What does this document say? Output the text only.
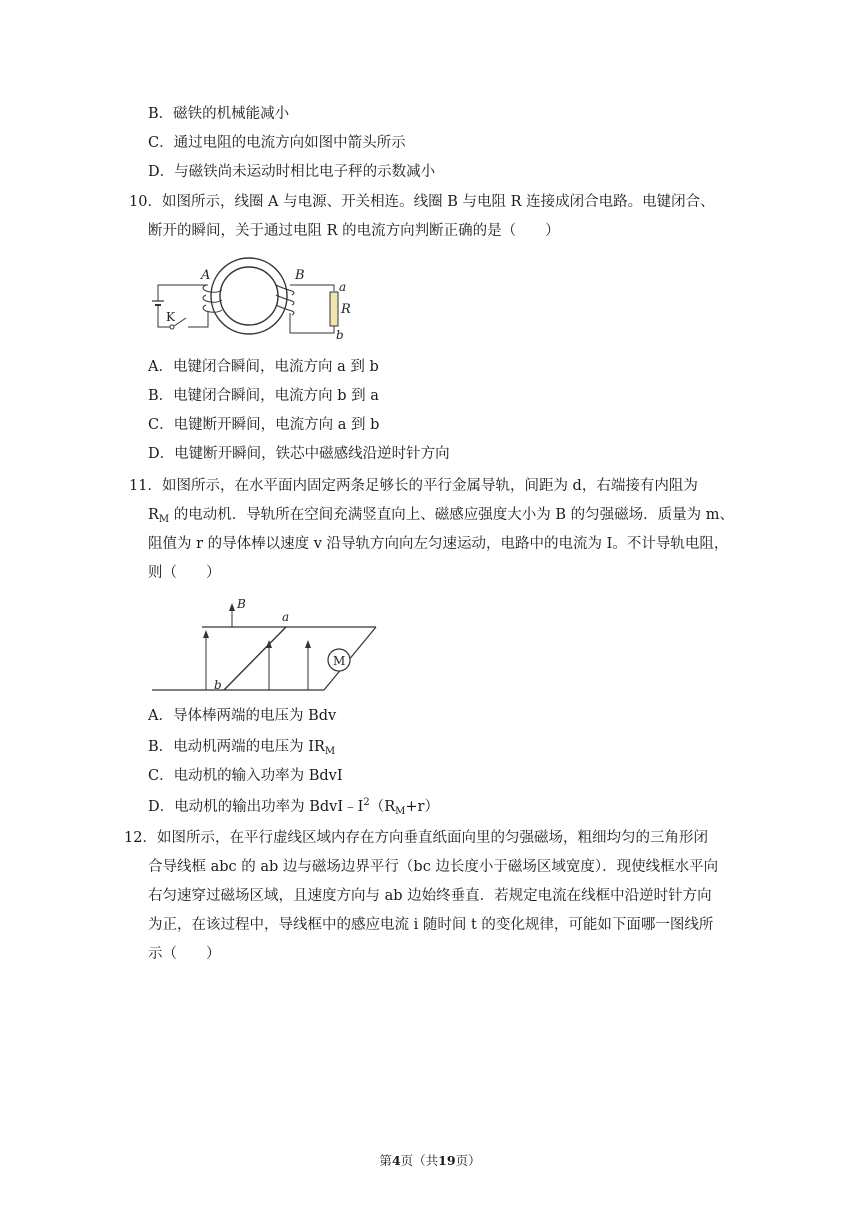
B．磁铁的机械能减小
C．通过电阻的电流方向如图中箭头所示
D．与磁铁尚未运动时相比电子秤的示数减小
10．如图所示，线圈 A 与电源、开关相连。线圈 B 与电阻 R 连接成闭合电路。电键闭合、
断开的瞬间，关于通过电阻 R 的电流方向判断正确的是（　　）
A	B
a
R
b
K
A．电键闭合瞬间，电流方向 a 到 b
B．电键闭合瞬间，电流方向 b 到 a
C．电键断开瞬间，电流方向 a 到 b
D．电键断开瞬间，铁芯中磁感线沿逆时针方向
11．如图所示，在水平面内固定两条足够长的平行金属导轨，间距为 d，右端接有内阻为
$R_M$ 的电动机．导轨所在空间充满竖直向上、磁感应强度大小为 B 的匀强磁场．质量为 m、
阻值为 r 的导体棒以速度 v 沿导轨方向向左匀速运动，电路中的电流为 I。不计导轨电阻，
则（　　）
M
B
a
b
A．导体棒两端的电压为 Bdv
B．电动机两端的电压为 $IR_M$
C．电动机的输入功率为 BdvI
D．电动机的输出功率为 $BdvI﹣I^2(R_M+r)$
12．如图所示，在平行虚线区域内存在方向垂直纸面向里的匀强磁场，粗细均匀的三角形闭
合导线框 abc 的 ab 边与磁场边界平行（bc 边长度小于磁场区域宽度）．现使线框水平向
右匀速穿过磁场区域，且速度方向与 ab 边始终垂直．若规定电流在线框中沿逆时针方向
为正，在该过程中，导线框中的感应电流 i 随时间 t 的变化规律，可能如下面哪一图线所
示（　　）
第4页（共19页）
